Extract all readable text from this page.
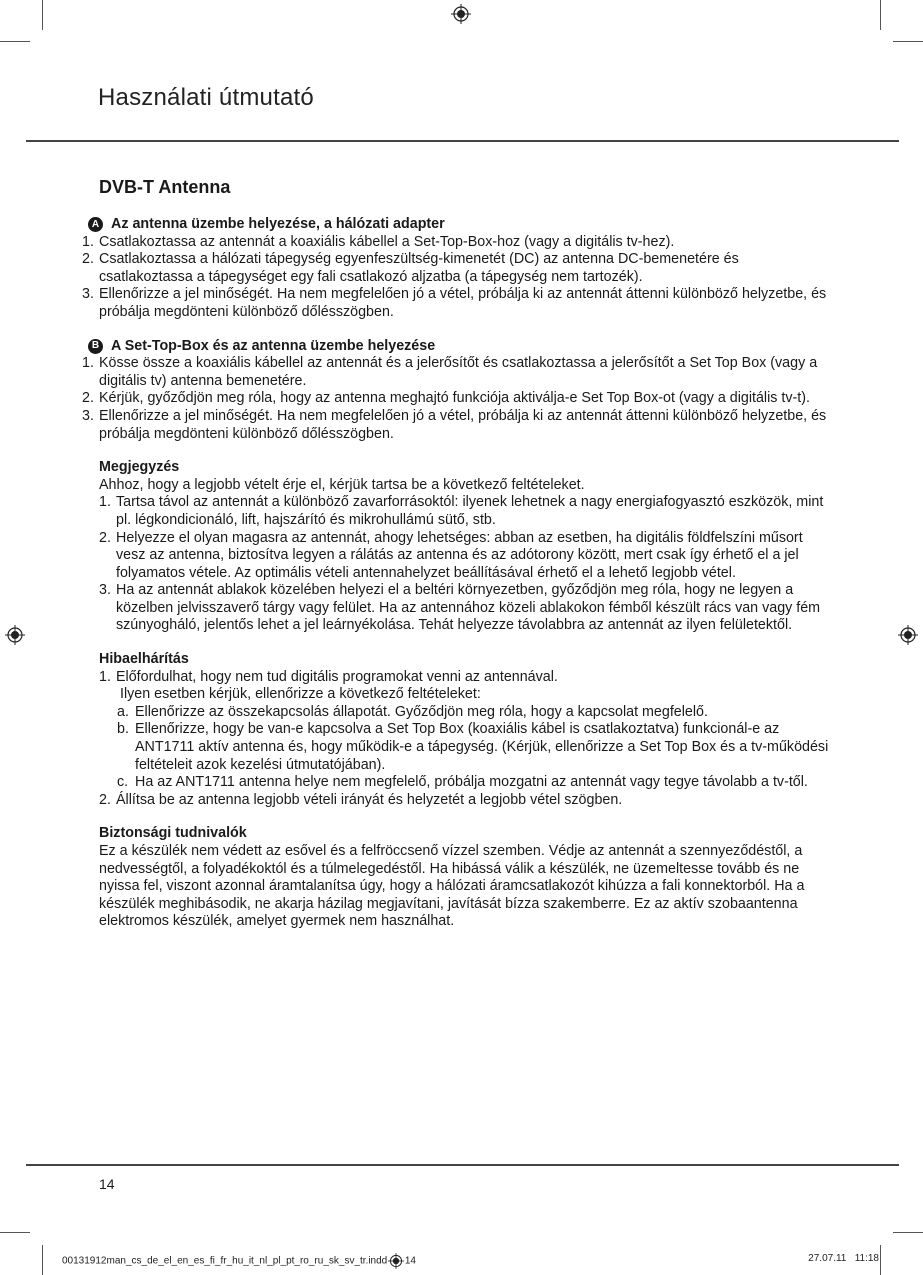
Használati útmutató
DVB-T Antenna
A Az antenna üzembe helyezése, a hálózati adapter
1. Csatlakoztassa az antennát a koaxiális kábellel a Set-Top-Box-hoz (vagy a digitális tv-hez).
2. Csatlakoztassa a hálózati tápegység egyenfeszültség-kimenetét (DC) az antenna DC-bemenetére és csatlakoztassa a tápegységet egy fali csatlakozó aljzatba (a tápegység nem tartozék).
3. Ellenőrizze a jel minőségét. Ha nem megfelelően jó a vétel, próbálja ki az antennát áttenni különböző helyzetbe, és próbálja megdönteni különböző dőlésszögben.
B A Set-Top-Box és az antenna üzembe helyezése
1. Kösse össze a koaxiális kábellel az antennát és a jelerősítőt és csatlakoztassa a jelerősítőt a Set Top Box (vagy a digitális tv) antenna bemenetére.
2. Kérjük, győződjön meg róla, hogy az antenna meghajtó funkciója aktiválja-e Set Top Box-ot (vagy a digitális tv-t).
3. Ellenőrizze a jel minőségét. Ha nem megfelelően jó a vétel, próbálja ki az antennát áttenni különböző helyzetbe, és próbálja megdönteni különböző dőlésszögben.
Megjegyzés

Ahhoz, hogy a legjobb vételt érje el, kérjük tartsa be a következő feltételeket.

1. Tartsa távol az antennát a különböző zavarforrásoktól: ilyenek lehetnek a nagy energiafogyasztó eszközök, mint pl. légkondicionáló, lift, hajszárító és mikrohullámú sütő, stb.
2. Helyezze el olyan magasra az antennát, ahogy lehetséges: abban az esetben, ha digitális földfelszíni műsort vesz az antenna, biztosítva legyen a rálátás az antenna és az adótorony között, mert csak így érhető el a jel folyamatos vétele. Az optimális vételi antennahelyzet beállításával érhető el a lehető legjobb vétel.
3. Ha az antennát ablakok közelében helyezi el a beltéri környezetben, győződjön meg róla, hogy ne legyen a közelben jelvisszaverő tárgy vagy felület. Ha az antennához közeli ablakokon fémből készült rács van vagy fém szúnyogháló, jelentős lehet a jel leárnyékolása. Tehát helyezze távolabbra az antennát az ilyen felületektől.
Hibaelhárítás
1. Előfordulhat, hogy nem tud digitális programokat venni az antennával.
Ilyen esetben kérjük, ellenőrizze a következő feltételeket:
a. Ellenőrizze az összekapcsolás állapotát. Győződjön meg róla, hogy a kapcsolat megfelelő.
b. Ellenőrizze, hogy be van-e kapcsolva a Set Top Box (koaxiális kábel is csatlakoztatva) funkcionál-e az ANT1711 aktív antenna és, hogy működik-e a tápegység. (Kérjük, ellenőrizze a Set Top Box és a tv-működési feltételeit azok kezelési útmutatójában).
c. Ha az ANT1711 antenna helye nem megfelelő, próbálja mozgatni az antennát vagy tegye távolabb a tv-től.
2. Állítsa be az antenna legjobb vételi irányát és helyzetét a legjobb vétel szögben.
Biztonsági tudnivalók

Ez a készülék nem védett az esővel és a felfröccsenő vízzel szemben. Védje az antennát a szennyeződéstől, a nedvességtől, a folyadékoktól és a túlmelegedéstől. Ha hibássá válik a készülék, ne üzemeltesse tovább és ne nyissa fel, viszont azonnal áramtalanítsa úgy, hogy a hálózati áramcsatlakozót kihúzza a fali konnektorból. Ha a készülék meghibásodik, ne akarja házilag megjavítani, javítását bízza szakemberre. Ez az aktív szobaantenna elektromos készülék, amelyet gyermek nem használhat.

14
00131912man_cs_de_el_en_es_fi_fr_hu_it_nl_pl_pt_ro_ru_sk_sv_tr.indd 14	27.07.11 11:18
